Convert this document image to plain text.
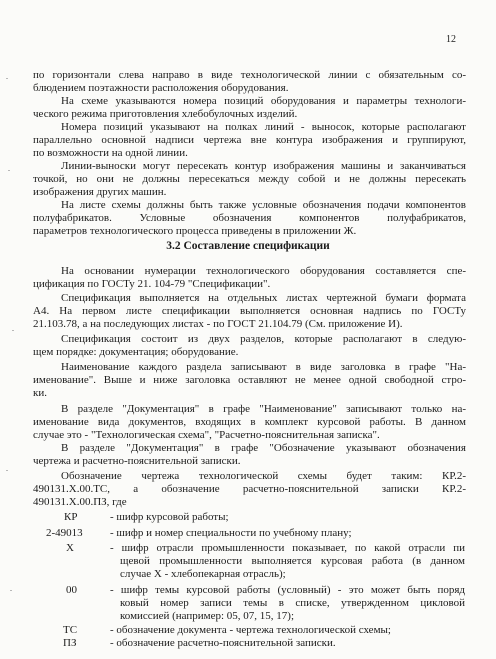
12
по горизонтали слева направо в виде технологической линии с обязательным со-
блюдением поэтажности расположения оборудования.
На схеме указываются номера позиций оборудования и параметры технологи-
ческого режима приготовления хлебобулочных изделий.
Номера позиций указывают на полках линий - выносок, которые располагают
параллельно основной надписи чертежа вне контура изображения и группируют,
по возможности на одной линии.
Линии-выноски могут пересекать контур изображения машины и заканчиваться
точкой, но они не должны пересекаться между собой и не должны пересекать
изображения других машин.
На листе схемы должны быть также условные обозначения подачи компонентов
полуфабрикатов. Условные обозначения компонентов полуфабрикатов,
параметров технологического процесса приведены в приложении Ж.
3.2 Составление спецификации
На основании нумерации технологического оборудования составляется спе-
цификация по ГОСТу 21. 104-79 "Спецификации".
Спецификация выполняется на отдельных листах чертежной бумаги формата
А4. На первом листе спецификации выполняется основная надпись по ГОСТу
21.103.78, а на последующих листах - по ГОСТ 21.104.79 (См. приложение И).
Спецификация состоит из двух разделов, которые располагают в следую-
щем порядке: документация; оборудование.
Наименование каждого раздела записывают в виде заголовка в графе "На-
именование". Выше и ниже заголовка оставляют не менее одной свободной стро-
ки.
В разделе "Документация" в графе "Наименование" записывают только на-
именование вида документов, входящих в комплект курсовой работы. В данном
случае это - "Технологическая схема", "Расчетно-пояснительная записка".
В разделе "Документация" в графе "Обозначение указывают обозначения
чертежа и расчетно-пояснительной записки.
Обозначение чертежа технологической схемы будет таким: КР.2-
490131.Х.00.ТС, а обозначение расчетно-пояснительной записки КР.2-
490131.Х.00.ПЗ, где
КР	- шифр курсовой работы;
2-49013 - шифр и номер специальности по учебному плану;
Х	- шифр отрасли промышленности показывает, по какой отрасли пи
щевой промышленности выполняется курсовая работа (в данном
случае Х - хлебопекарная отрасль);
00	- шифр темы курсовой работы (условный) - это может быть поряд
ковый номер записи темы в списке, утвержденном цикловой
комиссией (например: 05, 07, 15, 17);
ТС	- обозначение документа - чертежа технологической схемы;
ПЗ	- обозначение расчетно-пояснительной записки.
